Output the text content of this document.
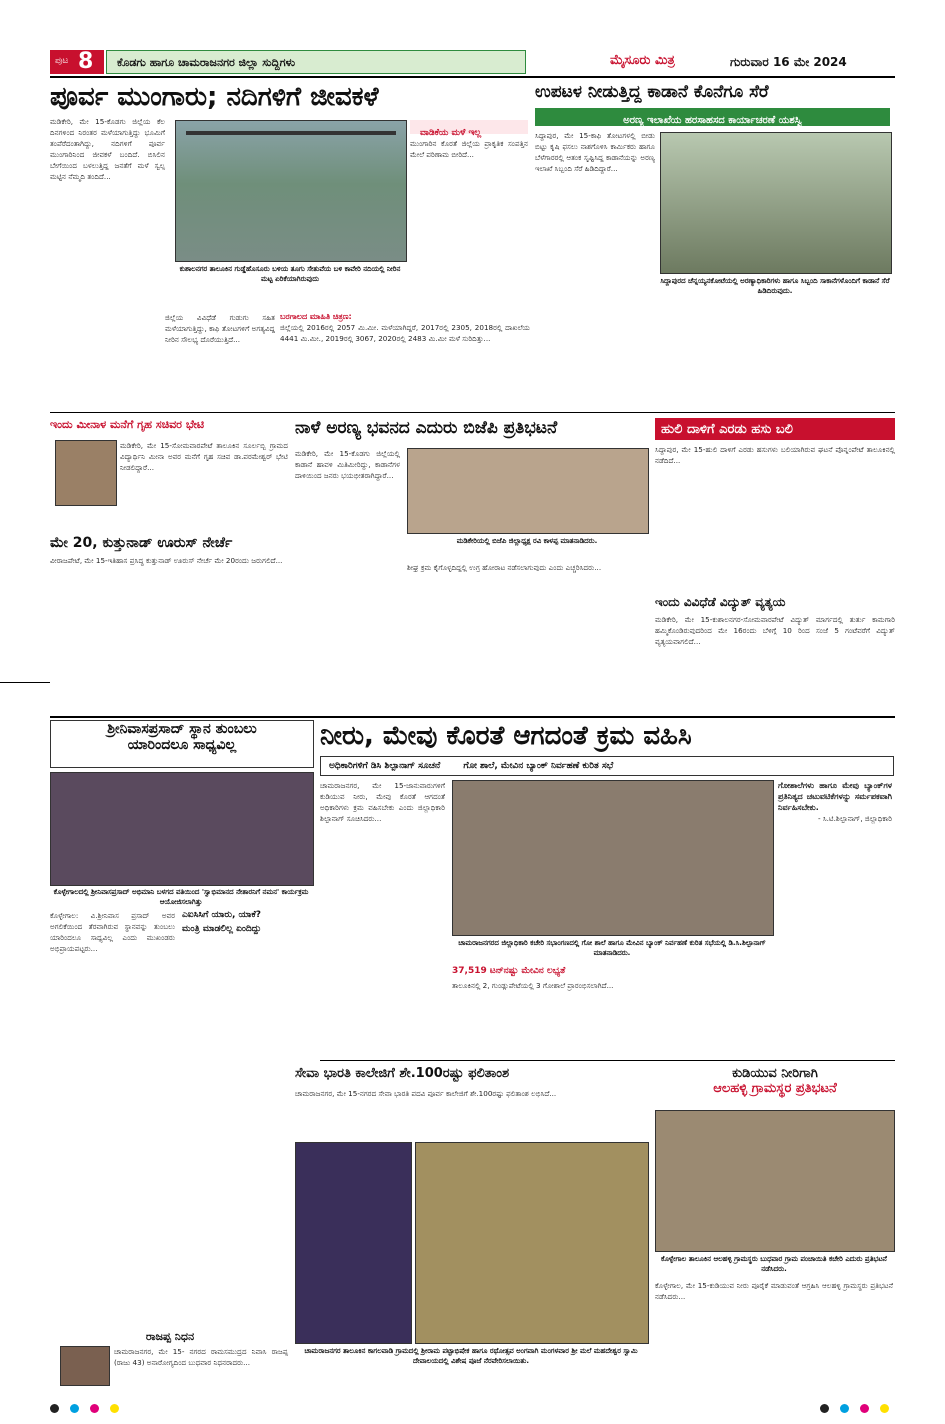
ಪುಟ 8 ಕೊಡಗು ಹಾಗೂ ಚಾಮರಾಜನಗರ ಜಿಲ್ಲಾ ಸುದ್ದಿಗಳು	ಮೈಸೂರು ಮಿತ್ರ	ಗುರುವಾರ 16 ಮೇ 2024
ಪೂರ್ವ ಮುಂಗಾರು; ನದಿಗಳಿಗೆ ಜೀವಕಳೆ
ಮಡಿಕೇರಿ, ಮೇ 15-ಕೊಡಗು ಜಿಲ್ಲೆಯ ಕೆಲ ದಿನಗಳಿಂದ ನಿರಂತರ ಮಳೆಯಾಗುತ್ತಿದ್ದು ಭೂಮಿಗೆ ತಂಪೆರೆದಂತಾಗಿದ್ದು, ನದಿಗಳಿಗೆ ಪೂರ್ವ ಮುಂಗಾರಿನಿಂದ ಜೀವಕಳೆ ಬಂದಿದೆ. ಬಿಸಿಲಿನ ಬೇಗೆಯಿಂದ ಬಳಲುತ್ತಿದ್ದ ಜನತೆಗೆ ಮಳೆ ಸ್ವಲ್ಪ ಮಟ್ಟಿನ ನೆಮ್ಮದಿ ತಂದಿದೆ...
ಕುಶಾಲನಗರ ತಾಲೂಕಿನ ಗುಡ್ಡೆಹೊಸೂರು ಬಳಿಯ ತೂಗು ಸೇತುವೆಯ ಬಳಿ ಕಾವೇರಿ ನದಿಯಲ್ಲಿ ನೀರಿನ ಮಟ್ಟ ಏರಿಕೆಯಾಗಿರುವುದು
ವಾಡಿಕೆಯ ಮಳೆ ಇಲ್ಲ
ಮುಂಗಾರಿನ ಕೊರತೆ ಜಿಲ್ಲೆಯ ಪ್ರಾಕೃತಿಕ ಸಂಪತ್ತಿನ ಮೇಲೆ ಪರಿಣಾಮ ಬೀರಿದೆ...
ಜಿಲ್ಲೆಯ ವಿವಿಧೆಡೆ ಗುಡುಗು ಸಹಿತ ಮಳೆಯಾಗುತ್ತಿದ್ದು, ಕಾಫಿ ತೋಟಗಳಿಗೆ ಅಗತ್ಯವಿದ್ದ ನೀರಿನ ಸೌಲಭ್ಯ ದೊರೆಯುತ್ತಿದೆ...
ಬರಗಾಲದ ಮಾಹಿತಿ ಚಿತ್ರಣ:
ಜಿಲ್ಲೆಯಲ್ಲಿ 2016ರಲ್ಲಿ 2057 ಮಿ.ಮೀ. ಮಳೆಯಾಗಿದ್ದರೆ, 2017ರಲ್ಲಿ 2305, 2018ರಲ್ಲಿ ದಾಖಲೆಯ 4441 ಮಿ.ಮೀ., 2019ರಲ್ಲಿ 3067, 2020ರಲ್ಲಿ 2483 ಮಿ.ಮೀ ಮಳೆ ಸುರಿದಿತ್ತು...
ಉಪಟಳ ನೀಡುತ್ತಿದ್ದ ಕಾಡಾನೆ ಕೊನೆಗೂ ಸೆರೆ
ಅರಣ್ಯ ಇಲಾಖೆಯ ಹರಸಾಹಸದ ಕಾರ್ಯಾಚರಣೆ ಯಶಸ್ವಿ
ಸಿದ್ದಾಪುರ, ಮೇ 15-ಕಾಫಿ ತೋಟಗಳಲ್ಲಿ ಬೀಡು ಬಿಟ್ಟು ಕೃಷಿ ಫಸಲು ನಾಶಗೊಳಿಸಿ ಕಾರ್ಮಿಕರು ಹಾಗೂ ಬೆಳೆಗಾರರಲ್ಲಿ ಆತಂಕ ಸೃಷ್ಟಿಸಿದ್ದ ಕಾಡಾನೆಯನ್ನು ಅರಣ್ಯ ಇಲಾಖೆ ಸಿಬ್ಬಂದಿ ಸೆರೆ ಹಿಡಿದಿದ್ದಾರೆ...
ಸಿದ್ದಾಪುರದ ಚೆನ್ನಯ್ಯನಕೋಟೆಯಲ್ಲಿ ಅರಣ್ಯಾಧಿಕಾರಿಗಳು ಹಾಗೂ ಸಿಬ್ಬಂದಿ ಸಾಕಾನೆಗಳೊಂದಿಗೆ ಕಾಡಾನೆ ಸೆರೆ ಹಿಡಿದಿರುವುದು.
ಇಂದು ಮೀನಾಳ ಮನೆಗೆ ಗೃಹ ಸಚಿವರ ಭೇಟಿ
ಮಡಿಕೇರಿ, ಮೇ 15-ಸೋಮವಾರಪೇಟೆ ತಾಲೂಕಿನ ಸೂರ್ಲಬ್ಬಿ ಗ್ರಾಮದ ವಿದ್ಯಾರ್ಥಿನಿ ಮೀನಾ ಅವರ ಮನೆಗೆ ಗೃಹ ಸಚಿವ ಡಾ.ಪರಮೇಶ್ವರ್ ಭೇಟಿ ನೀಡಲಿದ್ದಾರೆ...
ನಾಳೆ ಅರಣ್ಯ ಭವನದ ಎದುರು ಬಿಜೆಪಿ ಪ್ರತಿಭಟನೆ
ಮಡಿಕೇರಿ, ಮೇ 15-ಕೊಡಗು ಜಿಲ್ಲೆಯಲ್ಲಿ ಕಾಡಾನೆ ಹಾವಳಿ ಮಿತಿಮೀರಿದ್ದು, ಕಾಡಾನೆಗಳ ದಾಳಿಯಿಂದ ಜನರು ಭಯಭೀತರಾಗಿದ್ದಾರೆ...
ಮಡಿಕೇರಿಯಲ್ಲಿ ಬಿಜೆಪಿ ಜಿಲ್ಲಾಧ್ಯಕ್ಷ ರವಿ ಕಾಳಪ್ಪ ಮಾತನಾಡಿದರು.
ಶೀಘ್ರ ಕ್ರಮ ಕೈಗೊಳ್ಳದಿದ್ದಲ್ಲಿ ಉಗ್ರ ಹೋರಾಟ ನಡೆಸಲಾಗುವುದು ಎಂದು ಎಚ್ಚರಿಸಿದರು...
ಮೇ 20, ಕುತ್ತುನಾಡ್ ಊರುಸ್ ನೇರ್ಚೆ
ವೀರಾಜಪೇಟೆ, ಮೇ 15-ಇತಿಹಾಸ ಪ್ರಸಿದ್ಧ ಕುತ್ತುನಾಡ್ ಊರುಸ್ ನೇರ್ಚೆ ಮೇ 20ರಂದು ಜರುಗಲಿದೆ...
ಹುಲಿ ದಾಳಿಗೆ ಎರಡು ಹಸು ಬಲಿ
ಸಿದ್ದಾಪುರ, ಮೇ 15-ಹುಲಿ ದಾಳಿಗೆ ಎರಡು ಹಸುಗಳು ಬಲಿಯಾಗಿರುವ ಘಟನೆ ಪೊನ್ನಂಪೇಟೆ ತಾಲೂಕಿನಲ್ಲಿ ನಡೆದಿದೆ...
ಇಂದು ವಿವಿಧೆಡೆ ವಿದ್ಯುತ್ ವ್ಯತ್ಯಯ
ಮಡಿಕೇರಿ, ಮೇ 15-ಕುಶಾಲನಗರ-ಸೋಮವಾರಪೇಟೆ ವಿದ್ಯುತ್ ಮಾರ್ಗದಲ್ಲಿ ತುರ್ತು ಕಾಮಗಾರಿ ಹಮ್ಮಿಕೊಂಡಿರುವುದರಿಂದ ಮೇ 16ರಂದು ಬೆಳಿಗ್ಗೆ 10 ರಿಂದ ಸಂಜೆ 5 ಗಂಟೆವರೆಗೆ ವಿದ್ಯುತ್ ವ್ಯತ್ಯಯವಾಗಲಿದೆ...
ಶ್ರೀನಿವಾಸಪ್ರಸಾದ್ ಸ್ಥಾನ ತುಂಬಲು
ಯಾರಿಂದಲೂ ಸಾಧ್ಯವಿಲ್ಲ
ಕೊಳ್ಳೇಗಾಲದಲ್ಲಿ ಶ್ರೀನಿವಾಸಪ್ರಸಾದ್ ಅಭಿಮಾನಿ ಬಳಗದ ವತಿಯಿಂದ 'ಸ್ವಾಭಿಮಾನದ ನೇತಾರನಿಗೆ ನಮನ' ಕಾರ್ಯಕ್ರಮ ಆಯೋಜಿಸಲಾಗಿತ್ತು
ಕೊಳ್ಳೇಗಾಲ: ವಿ.ಶ್ರೀನಿವಾಸ ಪ್ರಸಾದ್ ಅವರ ಅಗಲಿಕೆಯಿಂದ ತೆರವಾಗಿರುವ ಸ್ಥಾನವನ್ನು ತುಂಬಲು ಯಾರಿಂದಲೂ ಸಾಧ್ಯವಿಲ್ಲ ಎಂದು ಮುಖಂಡರು ಅಭಿಪ್ರಾಯಪಟ್ಟರು...
ಎಐಸಿಸಿಗೆ ಯಾರು, ಯಾಕೆ?
ಮಂತ್ರಿ ಮಾಡಲಿಲ್ಲ ಏಂದಿದ್ದು
ನೀರು, ಮೇವು ಕೊರತೆ ಆಗದಂತೆ ಕ್ರಮ ವಹಿಸಿ
ಅಧಿಕಾರಿಗಳಿಗೆ ಡಿಸಿ ಶಿಲ್ಪಾನಾಗ್ ಸೂಚನೆ	ಗೋ ಶಾಲೆ, ಮೇವಿನ ಬ್ಯಾಂಕ್ ನಿರ್ವಹಣೆ ಕುರಿತ ಸಭೆ
ಚಾಮರಾಜನಗರ, ಮೇ 15-ಜಾನುವಾರುಗಳಿಗೆ ಕುಡಿಯುವ ನೀರು, ಮೇವು ಕೊರತೆ ಆಗದಂತೆ ಅಧಿಕಾರಿಗಳು ಕ್ರಮ ವಹಿಸಬೇಕು ಎಂದು ಜಿಲ್ಲಾಧಿಕಾರಿ ಶಿಲ್ಪಾನಾಗ್ ಸೂಚಿಸಿದರು...
ಚಾಮರಾಜನಗರದ ಜಿಲ್ಲಾಧಿಕಾರಿ ಕಚೇರಿ ಸಭಾಂಗಣದಲ್ಲಿ ಗೋ ಶಾಲೆ ಹಾಗೂ ಮೇವಿನ ಬ್ಯಾಂಕ್ ನಿರ್ವಹಣೆ ಕುರಿತ ಸಭೆಯಲ್ಲಿ ಡಿ.ಸಿ.ಶಿಲ್ಪಾನಾಗ್ ಮಾತನಾಡಿದರು.
ಗೋಶಾಲೆಗಳು ಹಾಗೂ ಮೇವು ಬ್ಯಾಂಕ್‌ಗಳ ಪ್ರತಿನಿತ್ಯದ ಚಟುವಟಿಕೆಗಳನ್ನು ಸರ್ಮಪಕವಾಗಿ ನಿರ್ವಹಿಸಬೇಕು.
- ಸಿ.ಟಿ.ಶಿಲ್ಪಾನಾಗ್, ಜಿಲ್ಲಾಧಿಕಾರಿ
37,519 ಟನ್‌ನಷ್ಟು ಮೇವಿನ ಲಭ್ಯತೆ
ತಾಲೂಕಿನಲ್ಲಿ 2, ಗುಂಡ್ಲುಪೇಟೆಯಲ್ಲಿ 3 ಗೋಶಾಲೆ ಪ್ರಾರಂಭಿಸಲಾಗಿದೆ...
ಸೇವಾ ಭಾರತಿ ಕಾಲೇಜಿಗೆ ಶೇ.100ರಷ್ಟು ಫಲಿತಾಂಶ
ಚಾಮರಾಜನಗರ, ಮೇ 15-ನಗರದ ಸೇವಾ ಭಾರತಿ ಪದವಿ ಪೂರ್ವ ಕಾಲೇಜಿಗೆ ಶೇ.100ರಷ್ಟು ಫಲಿತಾಂಶ ಲಭಿಸಿದೆ...
ಚಾಮರಾಜನಗರ ತಾಲೂಕಿನ ಕಾಗಲವಾಡಿ ಗ್ರಾಮದಲ್ಲಿ ಶ್ರೀರಾಮ ಪಟ್ಟಾಭಿಷೇಕ ಹಾಗೂ ರಥೋತ್ಸವ ಅಂಗವಾಗಿ ಮಂಗಳವಾರ ಶ್ರೀ ಮಲೆ ಮಹದೇಶ್ವರ ಸ್ವಾಮಿ ದೇವಾಲಯದಲ್ಲಿ ವಿಶೇಷ ಪೂಜೆ ನೆರವೇರಿಸಲಾಯಿತು.
ಕುಡಿಯುವ ನೀರಿಗಾಗಿ
ಆಲಹಳ್ಳಿ ಗ್ರಾಮಸ್ಥರ ಪ್ರತಿಭಟನೆ
ಕೊಳ್ಳೇಗಾಲ ತಾಲೂಕಿನ ಆಲಹಳ್ಳಿ ಗ್ರಾಮಸ್ಥರು ಬುಧವಾರ ಗ್ರಾಮ ಪಂಚಾಯಿತಿ ಕಚೇರಿ ಎದುರು ಪ್ರತಿಭಟನೆ ನಡೆಸಿದರು.
ಕೊಳ್ಳೇಗಾಲ, ಮೇ 15-ಕುಡಿಯುವ ನೀರು ಪೂರೈಕೆ ಮಾಡುವಂತೆ ಆಗ್ರಹಿಸಿ ಆಲಹಳ್ಳಿ ಗ್ರಾಮಸ್ಥರು ಪ್ರತಿಭಟನೆ ನಡೆಸಿದರು...
ರಾಜಪ್ಪ ನಿಧನ
ಚಾಮರಾಜನಗರ, ಮೇ 15- ನಗರದ ರಾಮಸಮುದ್ರದ ನಿವಾಸಿ ರಾಜಪ್ಪ (ರಾಜು 43) ಅನಾರೋಗ್ಯದಿಂದ ಬುಧವಾರ ನಿಧನರಾದರು...
